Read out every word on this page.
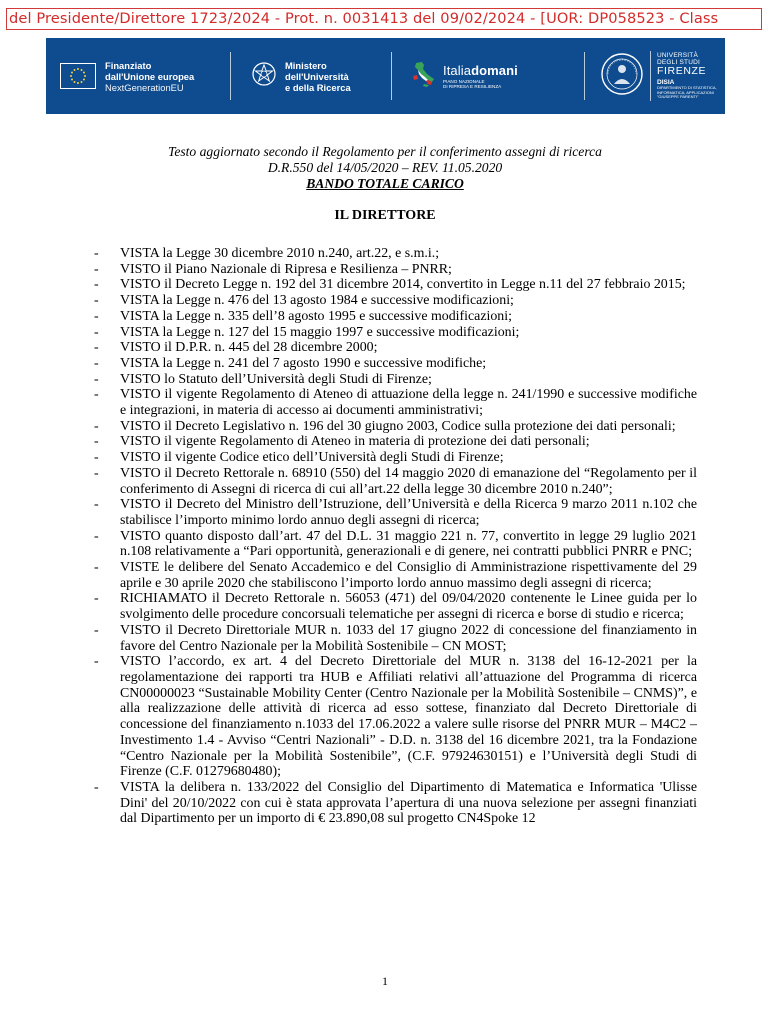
del Presidente/Direttore 1723/2024 - Prot. n. 0031413 del 09/02/2024 - [UOR: DP058523 - Class
Finanziato
dall'Unione europea
NextGenerationEU
Ministero
dell'Università
e della Ricerca
Italiadomani
PIANO NAZIONALE
DI RIPRESA E RESILIENZA
UNIVERSITÀ
DEGLI STUDI
FIRENZE
DISIA
DIPARTIMENTO DI STATISTICA,
INFORMATICA, APPLICAZIONI
"GIUSEPPE PARENTI"
Testo aggiornato secondo il Regolamento per il conferimento assegni di ricerca
D.R.550 del 14/05/2020 – REV. 11.05.2020
BANDO TOTALE CARICO
IL DIRETTORE
- VISTA la Legge 30 dicembre 2010 n.240, art.22, e s.m.i.;
- VISTO il Piano Nazionale di Ripresa e Resilienza – PNRR;
- VISTO il Decreto Legge n. 192 del 31 dicembre 2014, convertito in Legge n.11 del 27 febbraio 2015;
- VISTA la Legge n. 476 del 13 agosto 1984 e successive modificazioni;
- VISTA la Legge n. 335 dell’8 agosto 1995 e successive modificazioni;
- VISTA la Legge n. 127 del 15 maggio 1997 e successive modificazioni;
- VISTO il D.P.R. n. 445 del 28 dicembre 2000;
- VISTA la Legge n. 241 del 7 agosto 1990 e successive modifiche;
- VISTO lo Statuto dell’Università degli Studi di Firenze;
- VISTO il vigente Regolamento di Ateneo di attuazione della legge n. 241/1990 e successive modifiche e integrazioni, in materia di accesso ai documenti amministrativi;
- VISTO il Decreto Legislativo n. 196 del 30 giugno 2003, Codice sulla protezione dei dati personali;
- VISTO il vigente Regolamento di Ateneo in materia di protezione dei dati personali;
- VISTO il vigente Codice etico dell’Università degli Studi di Firenze;
- VISTO il Decreto Rettorale n. 68910 (550) del 14 maggio 2020 di emanazione del “Regolamento per il conferimento di Assegni di ricerca di cui all’art.22 della legge 30 dicembre 2010 n.240”;
- VISTO il Decreto del Ministro dell’Istruzione, dell’Università e della Ricerca 9 marzo 2011 n.102 che stabilisce l’importo minimo lordo annuo degli assegni di ricerca;
- VISTO quanto disposto dall’art. 47 del D.L. 31 maggio 221 n. 77, convertito in legge 29 luglio 2021 n.108 relativamente a “Pari opportunità, generazionali e di genere, nei contratti pubblici PNRR e PNC;
- VISTE le delibere del Senato Accademico e del Consiglio di Amministrazione rispettivamente del 29 aprile e 30 aprile 2020 che stabiliscono l’importo lordo annuo massimo degli assegni di ricerca;
- RICHIAMATO il Decreto Rettorale n. 56053 (471) del 09/04/2020 contenente le Linee guida per lo svolgimento delle procedure concorsuali telematiche per assegni di ricerca e borse di studio e ricerca;
- VISTO il Decreto Direttoriale MUR n. 1033 del 17 giugno 2022 di concessione del finanziamento in favore del Centro Nazionale per la Mobilità Sostenibile – CN MOST;
- VISTO l’accordo, ex art. 4 del Decreto Direttoriale del MUR n. 3138 del 16-12-2021 per la regolamentazione dei rapporti tra HUB e Affiliati relativi all’attuazione del Programma di ricerca CN00000023 “Sustainable Mobility Center (Centro Nazionale per la Mobilità Sostenibile – CNMS)”, e alla realizzazione delle attività di ricerca ad esso sottese, finanziato dal Decreto Direttoriale di concessione del finanziamento n.1033 del 17.06.2022 a valere sulle risorse del PNRR MUR – M4C2 – Investimento 1.4 - Avviso “Centri Nazionali” - D.D. n. 3138 del 16 dicembre 2021, tra la Fondazione “Centro Nazionale per la Mobilità Sostenibile”, (C.F. 97924630151) e l’Università degli Studi di Firenze (C.F. 01279680480);
- VISTA la delibera n. 133/2022 del Consiglio del Dipartimento di Matematica e Informatica 'Ulisse Dini' del 20/10/2022 con cui è stata approvata l’apertura di una nuova selezione per assegni finanziati dal Dipartimento per un importo di € 23.890,08 sul progetto CN4Spoke 12
1
